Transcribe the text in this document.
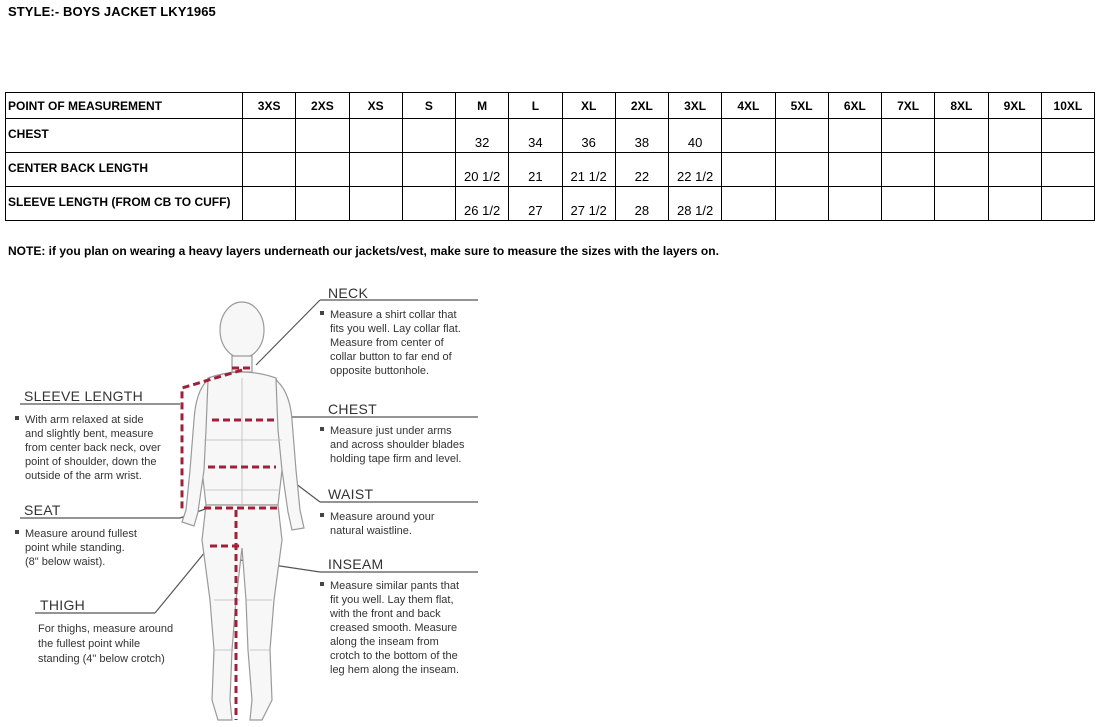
STYLE:- BOYS JACKET LKY1965
POINT OF MEASUREMENT	3XS	2XS	XS	S	M	L	XL	2XL	3XL	4XL	5XL	6XL	7XL	8XL	9XL	10XL
CHEST					32	34	36	38	40							
CENTER BACK LENGTH					20 1/2	21	21 1/2	22	22 1/2							
SLEEVE LENGTH (FROM CB TO CUFF)					26 1/2	27	27 1/2	28	28 1/2							
NOTE: if you plan on wearing a heavy layers underneath our jackets/vest, make sure to measure the sizes with the layers on.
NECK
Measure a shirt collar that
fits you well. Lay collar flat.
Measure from center of
collar button to far end of
opposite buttonhole.
CHEST
Measure just under arms
and across shoulder blades
holding tape firm and level.
WAIST
Measure around your
natural waistline.
INSEAM
Measure similar pants that
fit you well. Lay them flat,
with the front and back
creased smooth. Measure
along the inseam from
crotch to the bottom of the
leg hem along the inseam.
SLEEVE LENGTH
With arm relaxed at side
and slightly bent, measure
from center back neck, over
point of shoulder, down the
outside of the arm wrist.
SEAT
Measure around fullest
point while standing.
(8" below waist).
THIGH
For thighs, measure around
the fullest point while
standing (4" below crotch)
